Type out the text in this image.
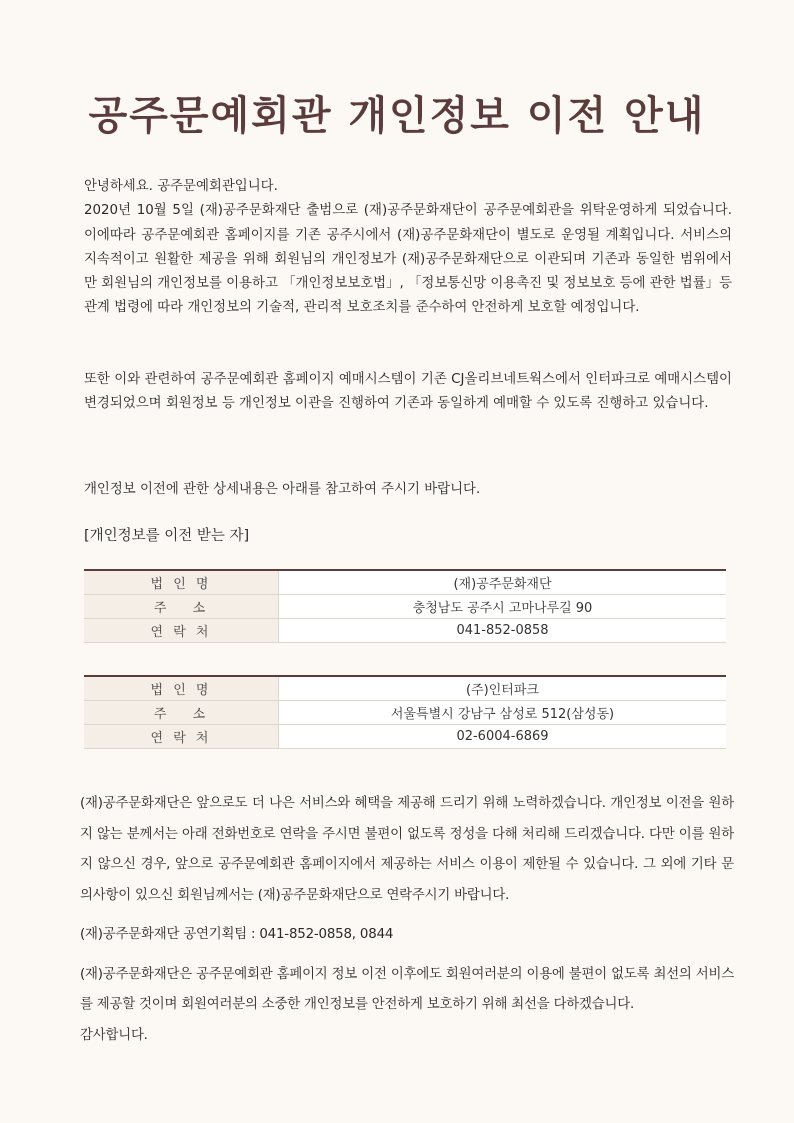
공주문예회관 개인정보 이전 안내

안녕하세요. 공주문예회관입니다.

2020년 10월 5일 (재)공주문화재단 출범으로 (재)공주문화재단이 공주문예회관을 위탁운영하게 되었습니다. 이에따라 공주문예회관 홈페이지를 기존 공주시에서 (재)공주문화재단이 별도로 운영될 계획입니다. 서비스의 지속적이고 원활한 제공을 위해 회원님의 개인정보가 (재)공주문화재단으로 이관되며 기존과 동일한 범위에서만 회원님의 개인정보를 이용하고 「개인정보보호법」, 「정보통신망 이용촉진 및 정보보호 등에 관한 법률」등 관계 법령에 따라 개인정보의 기술적, 관리적 보호조치를 준수하여 안전하게 보호할 예정입니다.

또한 이와 관련하여 공주문예회관 홈페이지 예매시스템이 기존 CJ올리브네트웍스에서 인터파크로 예매시스템이 변경되었으며 회원정보 등 개인정보 이관을 진행하여 기존과 동일하게 예매할 수 있도록 진행하고 있습니다.
개인정보 이전에 관한 상세내용은 아래를 참고하여 주시기 바랍니다.
[개인정보를 이전 받는 자]
법 인 명	(재)공주문화재단
주　 소	충청남도 공주시 고마나루길 90
연 락 처	041-852-0858
법 인 명	(주)인터파크
주　 소	서울특별시 강남구 삼성로 512(삼성동)
연 락 처	02-6004-6869

(재)공주문화재단은 앞으로도 더 나은 서비스와 혜택을 제공해 드리기 위해 노력하겠습니다. 개인정보 이전을 원하지 않는 분께서는 아래 전화번호로 연락을 주시면 불편이 없도록 정성을 다해 처리해 드리겠습니다. 다만 이를 원하지 않으신 경우, 앞으로 공주문예회관 홈페이지에서 제공하는 서비스 이용이 제한될 수 있습니다. 그 외에 기타 문의사항이 있으신 회원님께서는 (재)공주문화재단으로 연락주시기 바랍니다.

(재)공주문화재단 공연기획팀 : 041-852-0858, 0844

(재)공주문화재단은 공주문예회관 홈페이지 정보 이전 이후에도 회원여러분의 이용에 불편이 없도록 최선의 서비스를 제공할 것이며 회원여러분의 소중한 개인정보를 안전하게 보호하기 위해 최선을 다하겠습니다.

감사합니다.
